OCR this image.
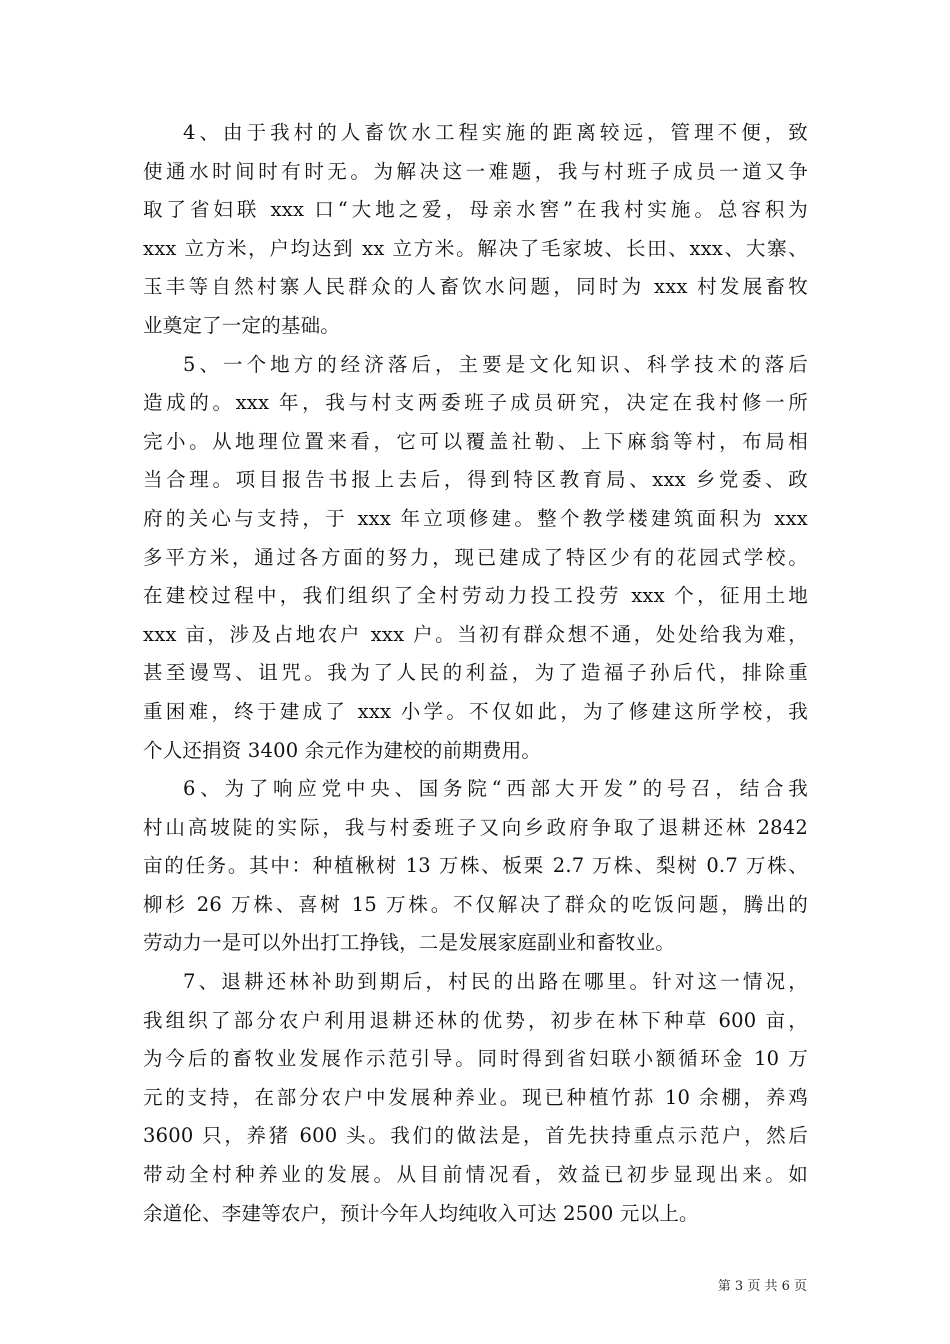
4、由于我村的人畜饮水工程实施的距离较远，管理不便，致
使通水时间时有时无。为解决这一难题，我与村班子成员一道又争
取了省妇联 xxx 口“大地之爱，母亲水窖”在我村实施。总容积为
xxx 立方米，户均达到 xx 立方米。解决了毛家坡、长田、xxx、大寨、
玉丰等自然村寨人民群众的人畜饮水问题，同时为 xxx 村发展畜牧
业奠定了一定的基础。
5、一个地方的经济落后，主要是文化知识、科学技术的落后
造成的。xxx 年，我与村支两委班子成员研究，决定在我村修一所
完小。从地理位置来看，它可以覆盖社勒、上下麻翁等村，布局相
当合理。项目报告书报上去后，得到特区教育局、xxx 乡党委、政
府的关心与支持，于 xxx 年立项修建。整个教学楼建筑面积为 xxx
多平方米，通过各方面的努力，现已建成了特区少有的花园式学校。
在建校过程中，我们组织了全村劳动力投工投劳 xxx 个，征用土地
xxx 亩，涉及占地农户 xxx 户。当初有群众想不通，处处给我为难，
甚至谩骂、诅咒。我为了人民的利益，为了造福子孙后代，排除重
重困难，终于建成了 xxx 小学。不仅如此，为了修建这所学校，我
个人还捐资 3400 余元作为建校的前期费用。
6、为了响应党中央、国务院“西部大开发”的号召，结合我
村山高坡陡的实际，我与村委班子又向乡政府争取了退耕还林 2842
亩的任务。其中：种植楸树 13 万株、板栗 2.7 万株、梨树 0.7 万株、
柳杉 26 万株、喜树 15 万株。不仅解决了群众的吃饭问题，腾出的
劳动力一是可以外出打工挣钱，二是发展家庭副业和畜牧业。
7、退耕还林补助到期后，村民的出路在哪里。针对这一情况，
我组织了部分农户利用退耕还林的优势，初步在林下种草 600 亩，
为今后的畜牧业发展作示范引导。同时得到省妇联小额循环金 10 万
元的支持，在部分农户中发展种养业。现已种植竹荪 10 余棚，养鸡
3600 只，养猪 600 头。我们的做法是，首先扶持重点示范户，然后
带动全村种养业的发展。从目前情况看，效益已初步显现出来。如
余道伦、李建等农户，预计今年人均纯收入可达 2500 元以上。
第 3 页 共 6 页
